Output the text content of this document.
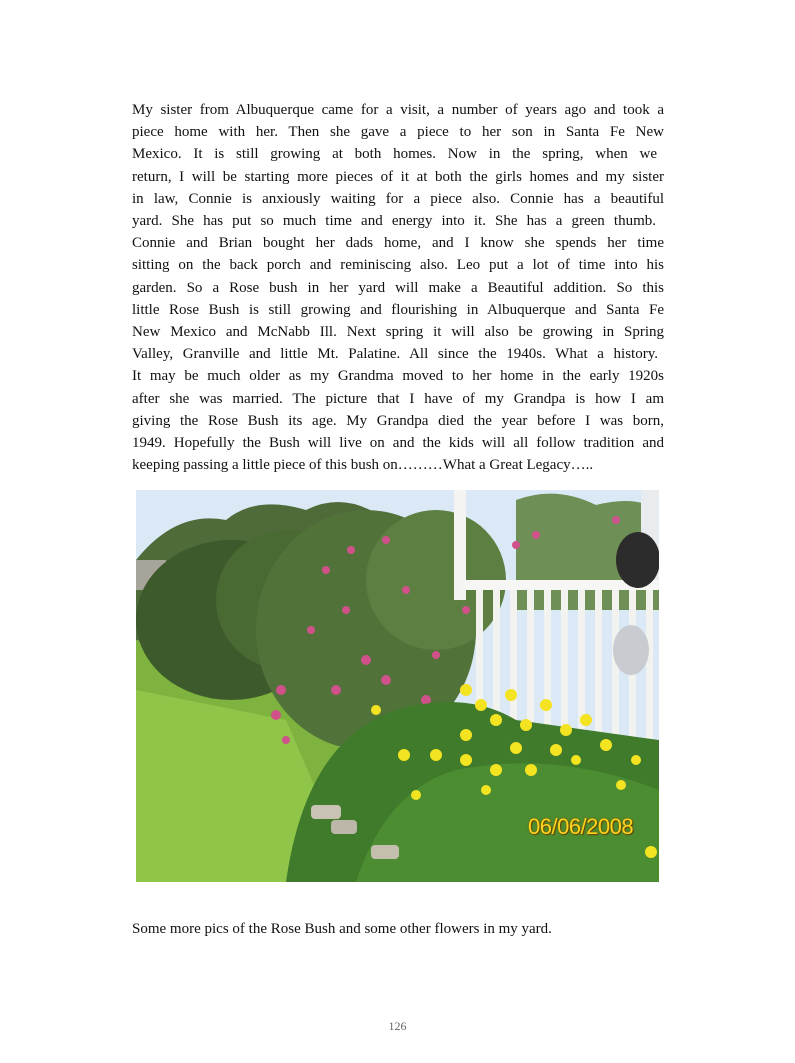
My sister from Albuquerque came for a visit, a number of years ago and took a
piece home with her. Then she gave a piece to her son in Santa Fe New
Mexico. It is still growing at both homes. Now in the spring, when we
return, I will be starting more pieces of it at both the girls homes and my sister
in law, Connie is anxiously waiting for a piece also. Connie has a beautiful
yard. She has put so much time and energy into it. She has a green thumb.
Connie and Brian bought her dads home, and I know she spends her time
sitting on the back porch and reminiscing also. Leo put a lot of time into his
garden. So a Rose bush in her yard will make a Beautiful addition. So this
little Rose Bush is still growing and flourishing in Albuquerque and Santa Fe
New Mexico and McNabb Ill. Next spring it will also be growing in Spring
Valley, Granville and little Mt. Palatine. All since the 1940s. What a history.
It may be much older as my Grandma moved to her home in the early 1920s
after she was married. The picture that I have of my Grandpa is how I am
giving the Rose Bush its age. My Grandpa died the year before I was born,
1949. Hopefully the Bush will live on and the kids will all follow tradition and
keeping passing a little piece of this bush on………What a Great Legacy…..
06/06/2008
Some more pics of the Rose Bush and some other flowers in my yard.
126
